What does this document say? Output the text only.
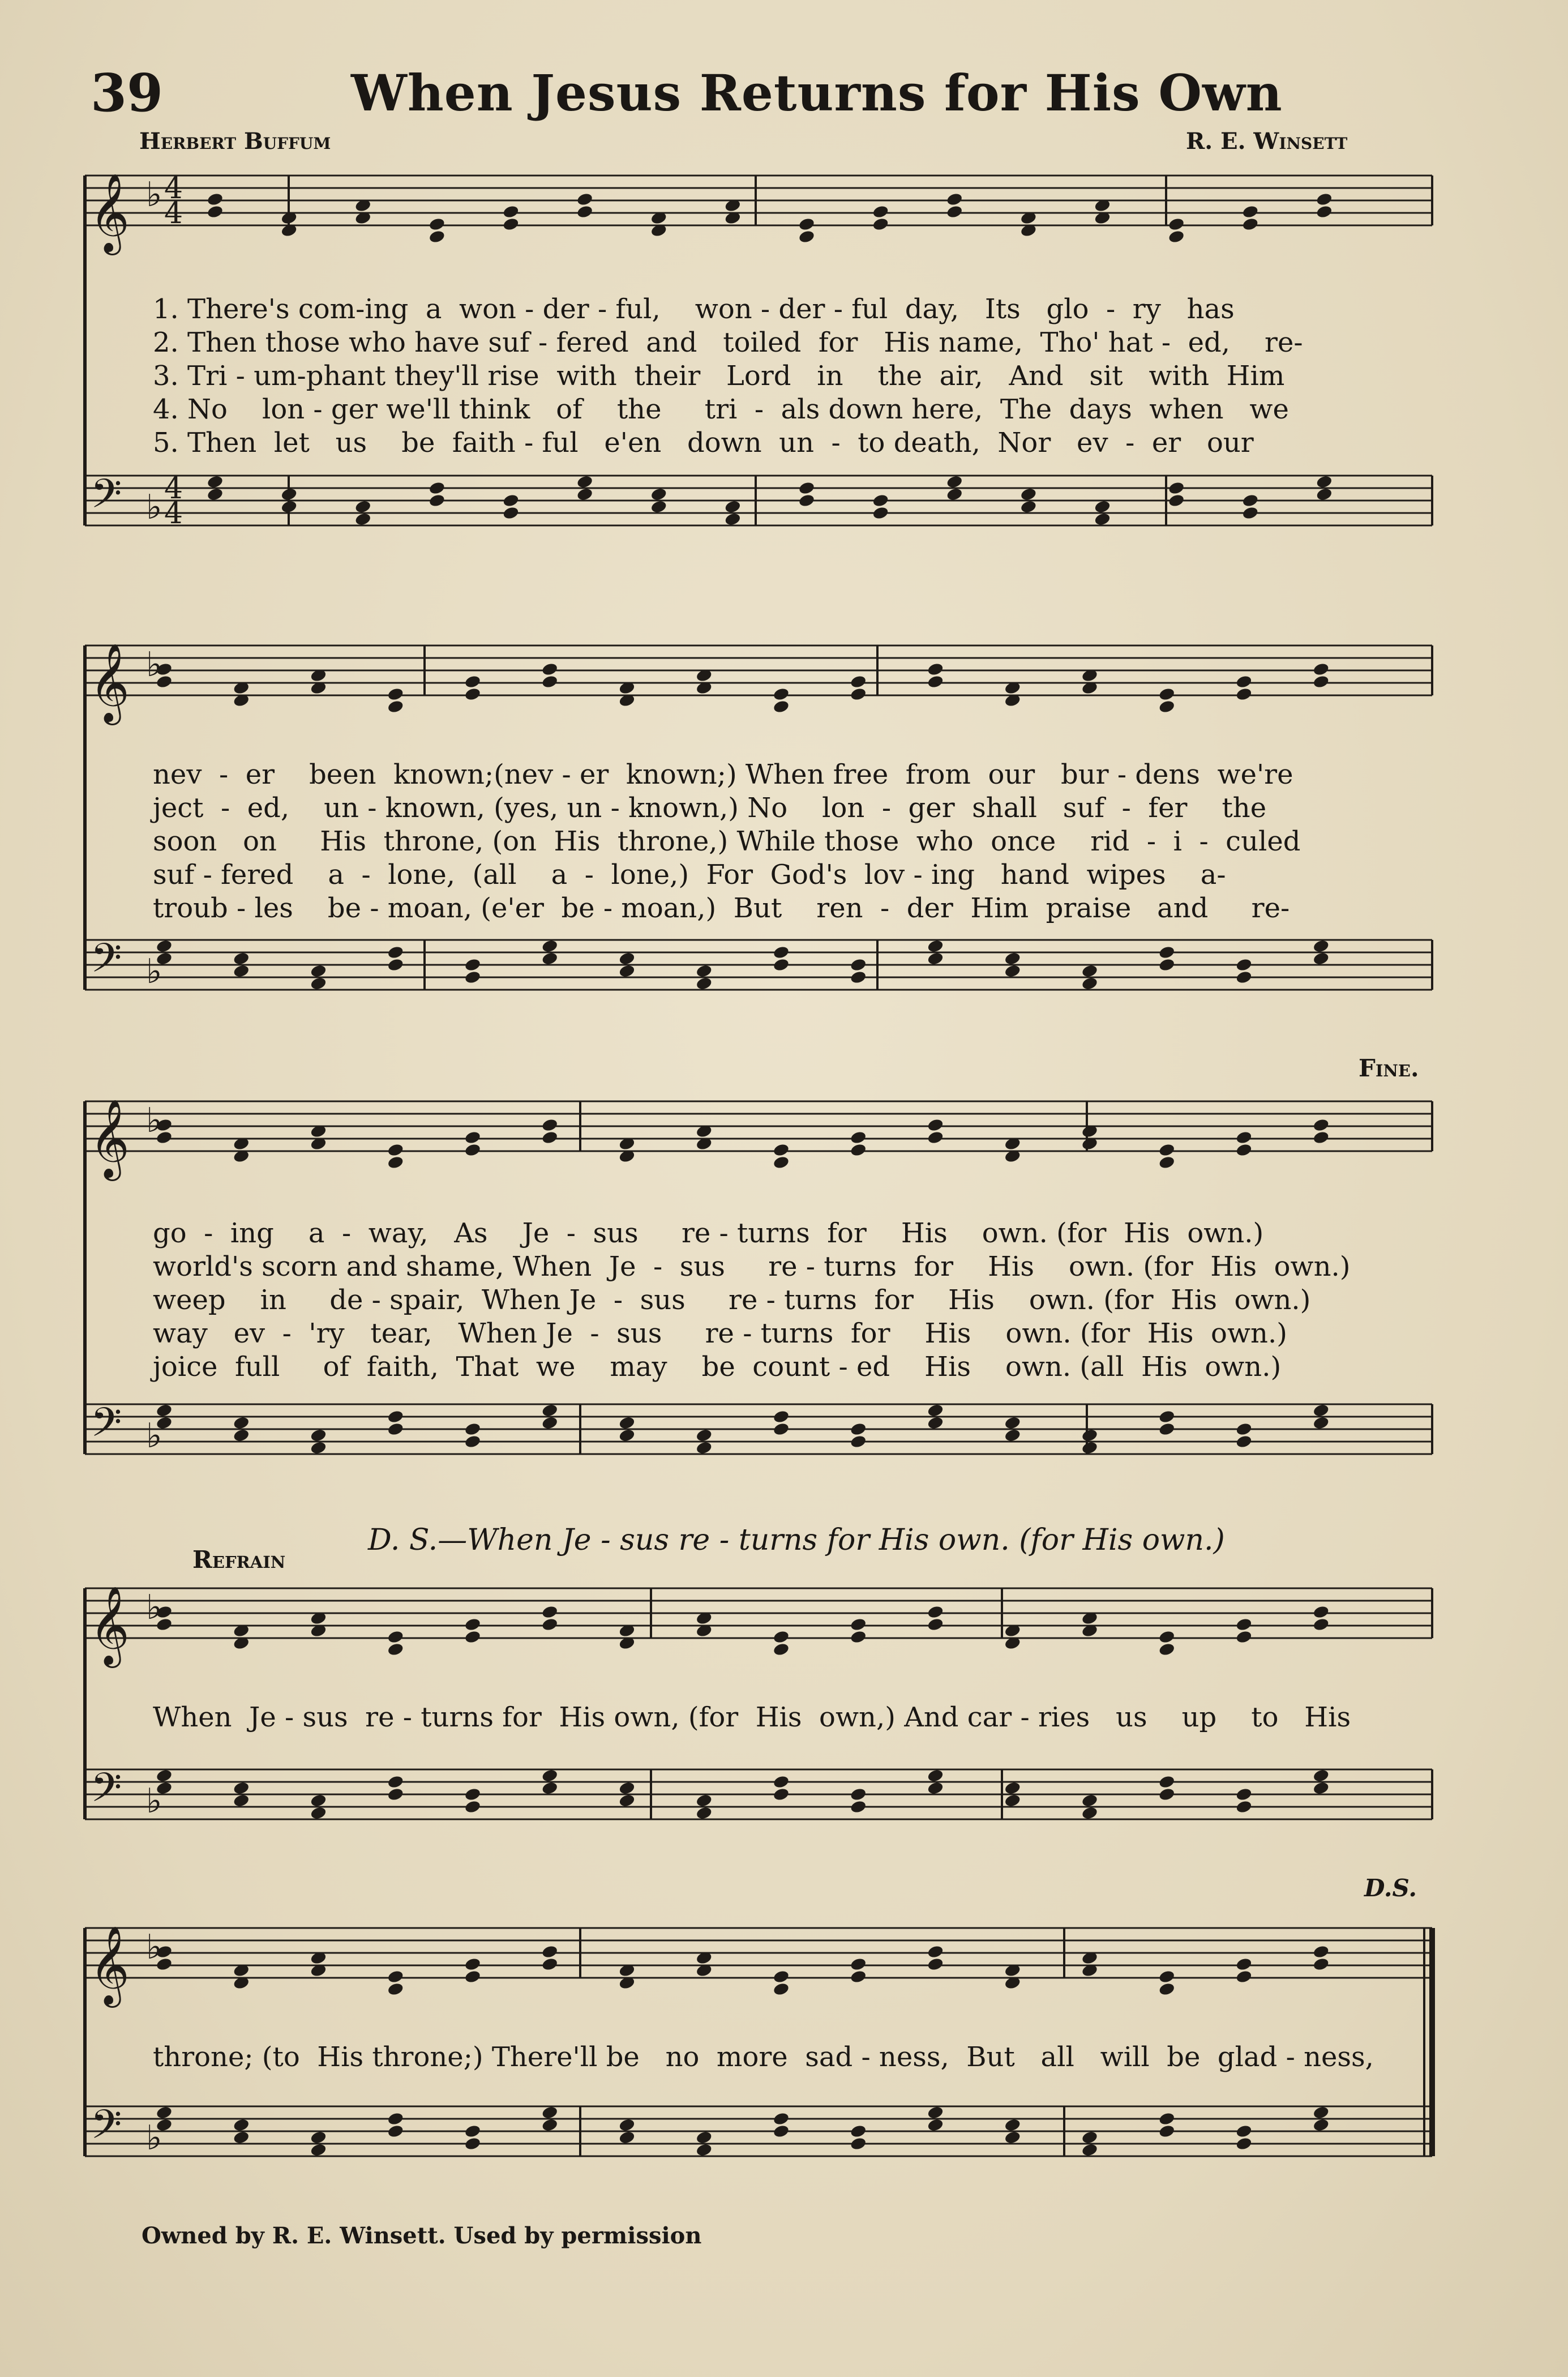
39	When Jesus Returns for His Own
Herbert Buffum	R. E. Winsett
𝄞
𝄢
♭
♭
4
4
4
4
𝄞
𝄢
♭
♭
𝄞
𝄢
♭
♭
𝄞
𝄢
♭
♭
𝄞
𝄢
♭
♭
1. There's com-ing  a  won - der - ful,    won - der - ful  day,   Its   glo  -  ry   has
2. Then those who have suf - fered  and   toiled  for   His name,  Tho' hat -  ed,    re-
3. Tri - um-phant they'll rise  with  their   Lord   in    the  air,   And   sit   with  Him
4. No    lon - ger we'll think   of    the     tri  -  als down here,  The  days  when   we
5. Then  let   us    be  faith - ful   e'en   down  un  -  to death,  Nor   ev  -  er   our
nev  -  er    been  known;(nev - er  known;) When free  from  our   bur - dens  we're
ject  -  ed,    un - known, (yes, un - known,) No    lon  -  ger  shall   suf  -  fer    the
soon   on     His  throne, (on  His  throne,) While those  who  once    rid  -  i  -  culed
suf - fered    a  -  lone,  (all    a  -  lone,)  For  God's  lov - ing   hand  wipes    a-
troub - les    be - moan, (e'er  be - moan,)  But    ren  -  der  Him  praise   and     re-
go  -  ing    a  -  way,   As    Je  -  sus     re - turns  for    His    own. (for  His  own.)
world's scorn and shame, When  Je  -  sus     re - turns  for    His    own. (for  His  own.)
weep    in     de - spair,  When Je  -  sus     re - turns  for    His    own. (for  His  own.)
way   ev  -  'ry   tear,   When Je  -  sus     re - turns  for    His    own. (for  His  own.)
joice  full     of  faith,  That  we    may    be  count - ed    His    own. (all  His  own.)
Fine.
Refrain
D. S.—When Je - sus re - turns for His own. (for His own.)
When  Je - sus  re - turns for  His own, (for  His  own,) And car - ries   us    up    to   His
throne; (to  His throne;) There'll be   no  more  sad - ness,  But   all   will  be  glad - ness,
D.S.
Owned by R. E. Winsett. Used by permission
